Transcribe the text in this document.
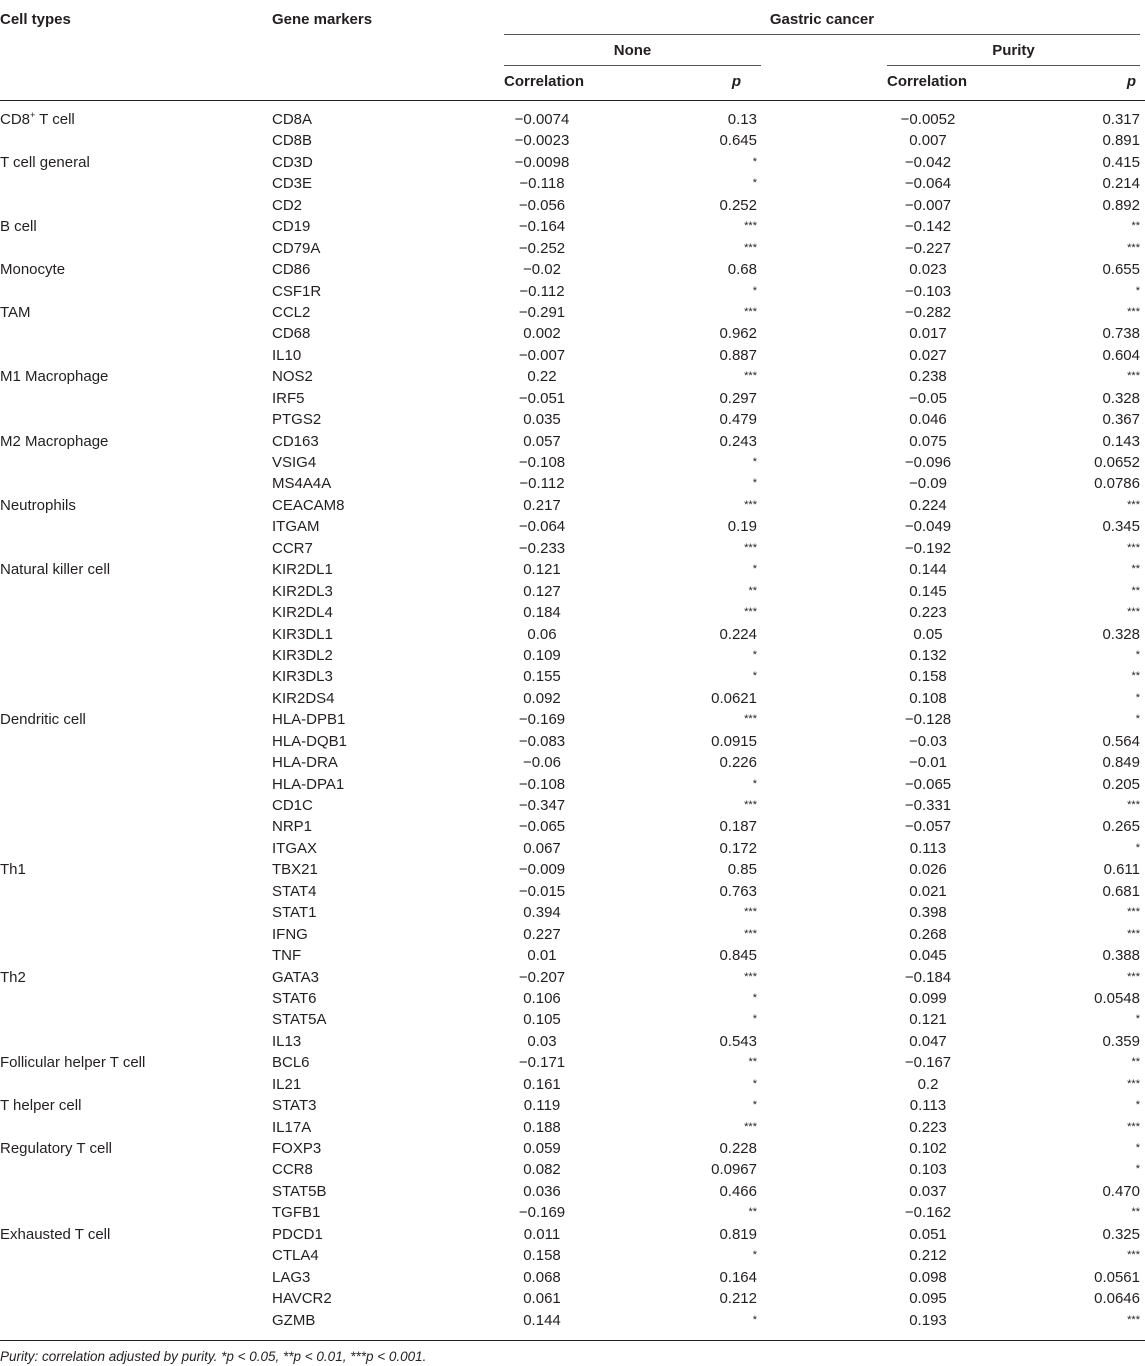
Cell types	Gene markers	Gastric cancer
None	Purity
Correlation	p	Correlation	p
CD8+ T cell	CD8A	−0.0074	0.13	−0.0052	0.317
CD8B	−0.0023	0.645	0.007	0.891
T cell general	CD3D	−0.0098	*	−0.042	0.415
CD3E	−0.118	*	−0.064	0.214
CD2	−0.056	0.252	−0.007	0.892
B cell	CD19	−0.164	***	−0.142	**
CD79A	−0.252	***	−0.227	***
Monocyte	CD86	−0.02	0.68	0.023	0.655
CSF1R	−0.112	*	−0.103	*
TAM	CCL2	−0.291	***	−0.282	***
CD68	0.002	0.962	0.017	0.738
IL10	−0.007	0.887	0.027	0.604
M1 Macrophage	NOS2	0.22	***	0.238	***
IRF5	−0.051	0.297	−0.05	0.328
PTGS2	0.035	0.479	0.046	0.367
M2 Macrophage	CD163	0.057	0.243	0.075	0.143
VSIG4	−0.108	*	−0.096	0.0652
MS4A4A	−0.112	*	−0.09	0.0786
Neutrophils	CEACAM8	0.217	***	0.224	***
ITGAM	−0.064	0.19	−0.049	0.345
CCR7	−0.233	***	−0.192	***
Natural killer cell	KIR2DL1	0.121	*	0.144	**
KIR2DL3	0.127	**	0.145	**
KIR2DL4	0.184	***	0.223	***
KIR3DL1	0.06	0.224	0.05	0.328
KIR3DL2	0.109	*	0.132	*
KIR3DL3	0.155	*	0.158	**
KIR2DS4	0.092	0.0621	0.108	*
Dendritic cell	HLA-DPB1	−0.169	***	−0.128	*
HLA-DQB1	−0.083	0.0915	−0.03	0.564
HLA-DRA	−0.06	0.226	−0.01	0.849
HLA-DPA1	−0.108	*	−0.065	0.205
CD1C	−0.347	***	−0.331	***
NRP1	−0.065	0.187	−0.057	0.265
ITGAX	0.067	0.172	0.113	*
Th1	TBX21	−0.009	0.85	0.026	0.611
STAT4	−0.015	0.763	0.021	0.681
STAT1	0.394	***	0.398	***
IFNG	0.227	***	0.268	***
TNF	0.01	0.845	0.045	0.388
Th2	GATA3	−0.207	***	−0.184	***
STAT6	0.106	*	0.099	0.0548
STAT5A	0.105	*	0.121	*
IL13	0.03	0.543	0.047	0.359
Follicular helper T cell	BCL6	−0.171	**	−0.167	**
IL21	0.161	*	0.2	***
T helper cell	STAT3	0.119	*	0.113	*
IL17A	0.188	***	0.223	***
Regulatory T cell	FOXP3	0.059	0.228	0.102	*
CCR8	0.082	0.0967	0.103	*
STAT5B	0.036	0.466	0.037	0.470
TGFB1	−0.169	**	−0.162	**
Exhausted T cell	PDCD1	0.011	0.819	0.051	0.325
CTLA4	0.158	*	0.212	***
LAG3	0.068	0.164	0.098	0.0561
HAVCR2	0.061	0.212	0.095	0.0646
GZMB	0.144	*	0.193	***
Purity: correlation adjusted by purity. *p < 0.05, **p < 0.01, ***p < 0.001.
